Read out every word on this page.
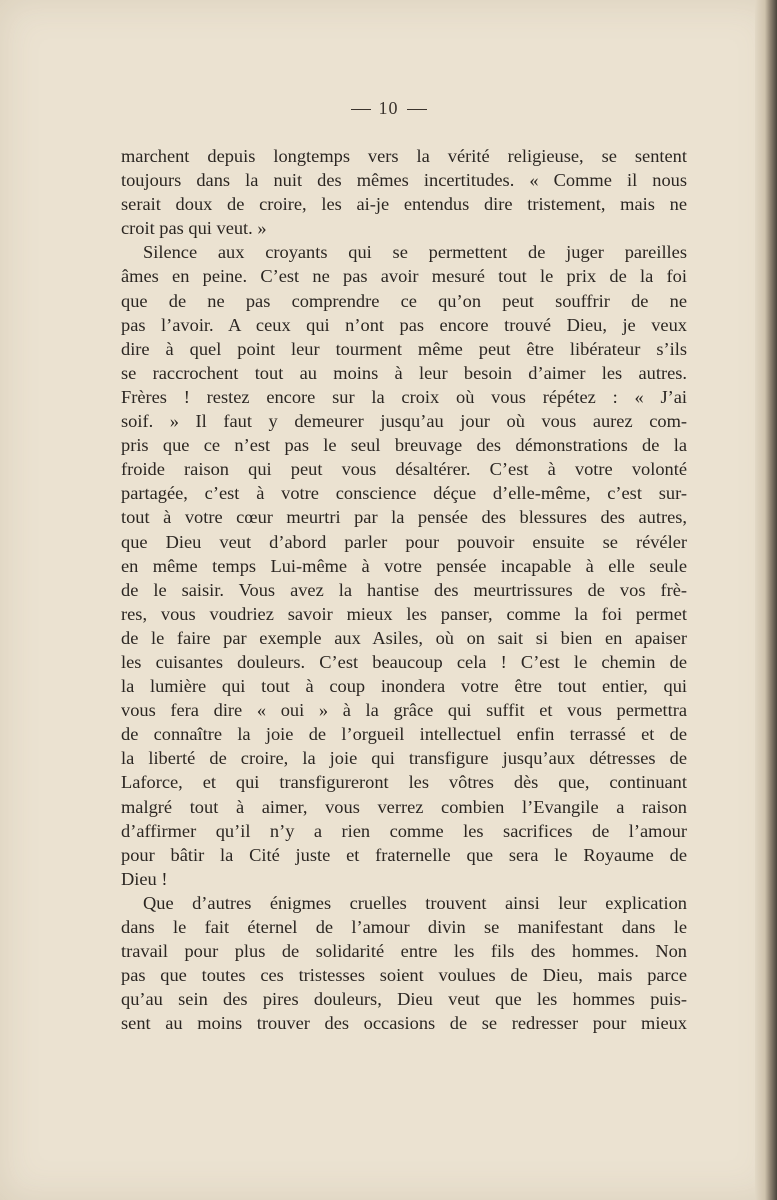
10
marchent depuis longtemps vers la vérité religieuse, se sentent
toujours dans la nuit des mêmes incertitudes. « Comme il nous
serait doux de croire, les ai-je entendus dire tristement, mais ne
croit pas qui veut. »
Silence aux croyants qui se permettent de juger pareilles
âmes en peine. C’est ne pas avoir mesuré tout le prix de la foi
que de ne pas comprendre ce qu’on peut souffrir de ne
pas l’avoir. A ceux qui n’ont pas encore trouvé Dieu, je veux
dire à quel point leur tourment même peut être libérateur s’ils
se raccrochent tout au moins à leur besoin d’aimer les autres.
Frères ! restez encore sur la croix où vous répétez : « J’ai
soif. » Il faut y demeurer jusqu’au jour où vous aurez com-
pris que ce n’est pas le seul breuvage des démonstrations de la
froide raison qui peut vous désaltérer. C’est à votre volonté
partagée, c’est à votre conscience déçue d’elle-même, c’est sur-
tout à votre cœur meurtri par la pensée des blessures des autres,
que Dieu veut d’abord parler pour pouvoir ensuite se révéler
en même temps Lui-même à votre pensée incapable à elle seule
de le saisir. Vous avez la hantise des meurtrissures de vos frè-
res, vous voudriez savoir mieux les panser, comme la foi permet
de le faire par exemple aux Asiles, où on sait si bien en apaiser
les cuisantes douleurs. C’est beaucoup cela ! C’est le chemin de
la lumière qui tout à coup inondera votre être tout entier, qui
vous fera dire « oui » à la grâce qui suffit et vous permettra
de connaître la joie de l’orgueil intellectuel enfin terrassé et de
la liberté de croire, la joie qui transfigure jusqu’aux détresses de
Laforce, et qui transfigureront les vôtres dès que, continuant
malgré tout à aimer, vous verrez combien l’Evangile a raison
d’affirmer qu’il n’y a rien comme les sacrifices de l’amour
pour bâtir la Cité juste et fraternelle que sera le Royaume de
Dieu !
Que d’autres énigmes cruelles trouvent ainsi leur explication
dans le fait éternel de l’amour divin se manifestant dans le
travail pour plus de solidarité entre les fils des hommes. Non
pas que toutes ces tristesses soient voulues de Dieu, mais parce
qu’au sein des pires douleurs, Dieu veut que les hommes puis-
sent au moins trouver des occasions de se redresser pour mieux
